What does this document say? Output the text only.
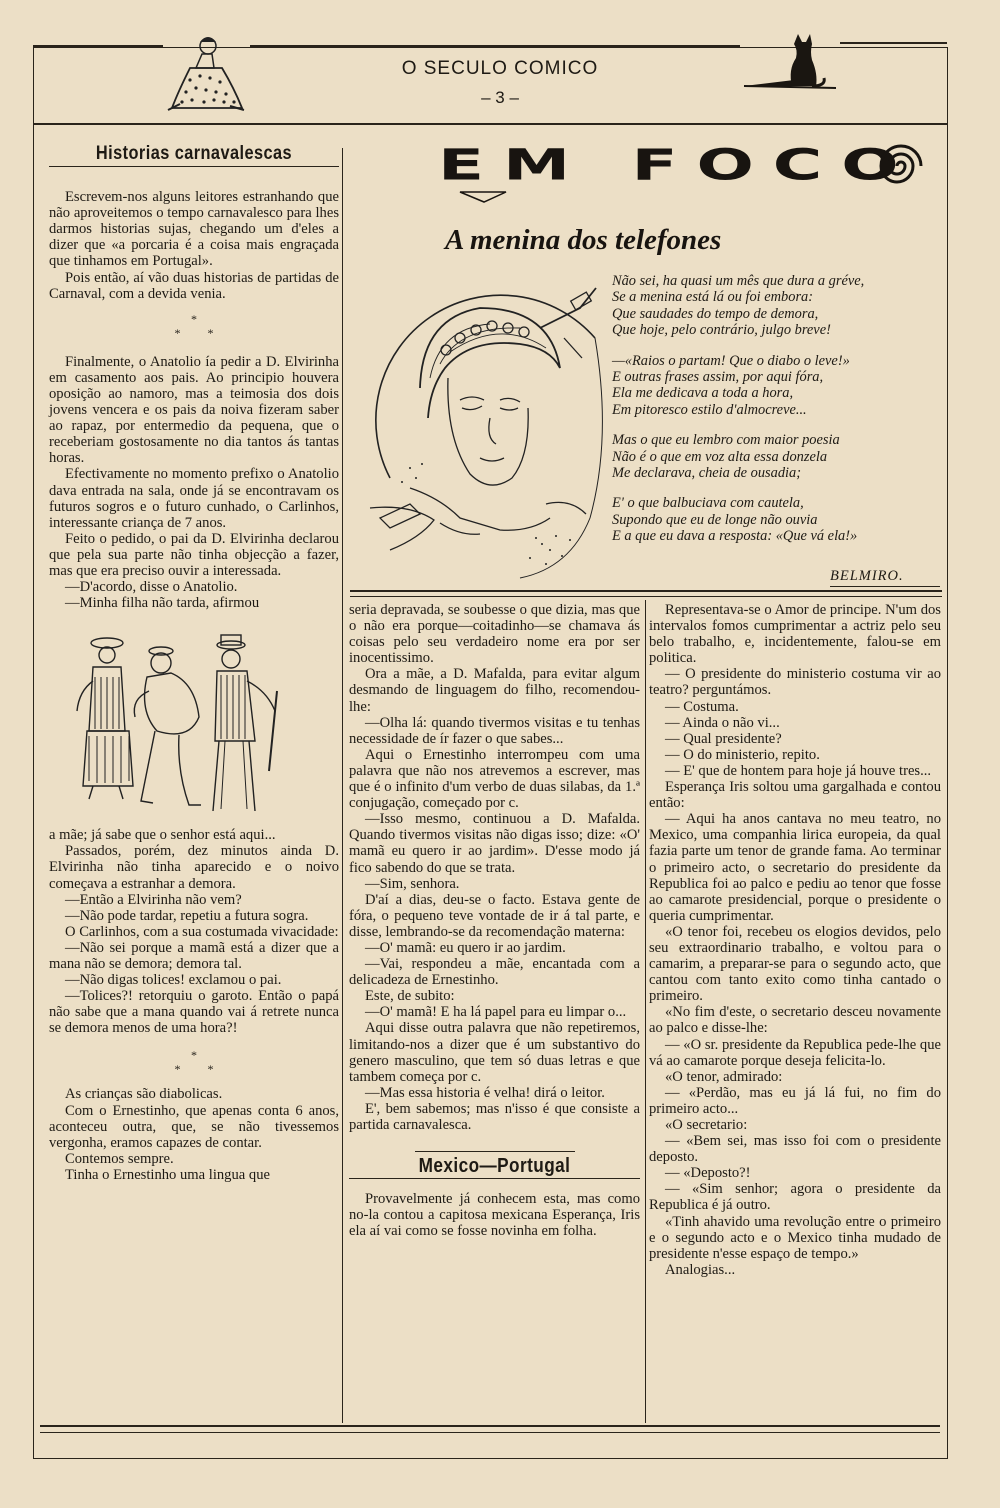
O SECULO COMICO
– 3 –
Historias carnavalescas

Escrevem-nos alguns leitores estranhando que não aproveitemos o tempo carnavalesco para lhes darmos historias sujas, chegando um d'eles a dizer que «a porcaria é a coisa mais engraçada que tinhamos em Portugal».

Pois então, aí vão duas historias de partidas de Carnaval, com a devida venia.

*
* *

Finalmente, o Anatolio ía pedir a D. Elvirinha em casamento aos pais. Ao principio houvera oposição ao namoro, mas a teimosia dos dois jovens vencera e os pais da noiva fizeram saber ao rapaz, por entermedio da pequena, que o receberiam gostosamente no dia tantos ás tantas horas.

Efectivamente no momento prefixo o Anatolio dava entrada na sala, onde já se encontravam os futuros sogros e o futuro cunhado, o Carlinhos, interessante criança de 7 anos.

Feito o pedido, o pai da D. Elvirinha declarou que pela sua parte não tinha objecção a fazer, mas que era preciso ouvir a interessada.

—D'acordo, disse o Anatolio.

—Minha filha não tarda, afirmou

a mãe; já sabe que o senhor está aqui...

Passados, porém, dez minutos ainda D. Elvirinha não tinha aparecido e o noivo começava a estranhar a demora.

—Então a Elvirinha não vem?

—Não pode tardar, repetiu a futura sogra.

O Carlinhos, com a sua costumada vivacidade:

—Não sei porque a mamã está a dizer que a mana não se demora; demora tal.

—Não digas tolices! exclamou o pai.

—Tolices?! retorquiu o garoto. Então o papá não sabe que a mana quando vai á retrete nunca se demora menos de uma hora?!

*
* *

As crianças são diabolicas.

Com o Ernestinho, que apenas conta 6 anos, aconteceu outra, que, se não tivessemos vergonha, eramos capazes de contar.

Contemos sempre.

Tinha o Ernestinho uma lingua que

EM FOCO
A menina dos telefones
Não sei, ha quasi um mês que dura a gréve,
Se a menina está lá ou foi embora:
Que saudades do tempo de demora,
Que hoje, pelo contrário, julgo breve!
—«Raios o partam! Que o diabo o leve!»
E outras frases assim, por aqui fóra,
Ela me dedicava a toda a hora,
Em pitoresco estilo d'almocreve...
Mas o que eu lembro com maior poesia
Não é o que em voz alta essa donzela
Me declarava, cheia de ousadia;
E' o que balbuciava com cautela,
Supondo que eu de longe não ouvia
E a que eu dava a resposta: «Que vá ela!»
BELMIRO.

seria depravada, se soubesse o que dizia, mas que o não era porque—coitadinho—se chamava ás coisas pelo seu verdadeiro nome era por ser inocentissimo.

Ora a mãe, a D. Mafalda, para evitar algum desmando de linguagem do filho, recomendou-lhe:

—Olha lá: quando tivermos visitas e tu tenhas necessidade de ír fazer o que sabes...

Aqui o Ernestinho interrompeu com uma palavra que não nos atrevemos a escrever, mas que é o infinito d'um verbo de duas silabas, da 1.ª conjugação, começado por c.

—Isso mesmo, continuou a D. Mafalda. Quando tivermos visitas não digas isso; dize: «O' mamã eu quero ir ao jardim». D'esse modo já fico sabendo do que se trata.

—Sim, senhora.

D'aí a dias, deu-se o facto. Estava gente de fóra, o pequeno teve vontade de ir á tal parte, e disse, lembrando-se da recomendação materna:

—O' mamã: eu quero ir ao jardim.

—Vai, respondeu a mãe, encantada com a delicadeza de Ernestinho.

Este, de subito:

—O' mamã! E ha lá papel para eu limpar o...

Aqui disse outra palavra que não repetiremos, limitando-nos a dizer que é um substantivo do genero masculino, que tem só duas letras e que tambem começa por c.

—Mas essa historia é velha! dirá o leitor.

E', bem sabemos; mas n'isso é que consiste a partida carnavalesca.

Mexico—Portugal

Provavelmente já conhecem esta, mas como no-la contou a capitosa mexicana Esperança, Iris ela aí vai como se fosse novinha em folha.

Representava-se o Amor de principe. N'um dos intervalos fomos cumprimentar a actriz pelo seu belo trabalho, e, incidentemente, falou-se em politica.

— O presidente do ministerio costuma vir ao teatro? perguntámos.

— Costuma.

— Ainda o não vi...

— Qual presidente?

— O do ministerio, repito.

— E' que de hontem para hoje já houve tres...

Esperança Iris soltou uma gargalhada e contou então:

— Aqui ha anos cantava no meu teatro, no Mexico, uma companhia lirica europeia, da qual fazia parte um tenor de grande fama. Ao terminar o primeiro acto, o secretario do presidente da Republica foi ao palco e pediu ao tenor que fosse ao camarote presidencial, porque o presidente o queria cumprimentar.

«O tenor foi, recebeu os elogios devidos, pelo seu extraordinario trabalho, e voltou para o camarim, a preparar-se para o segundo acto, que cantou com tanto exito como tinha cantado o primeiro.

«No fim d'este, o secretario desceu novamente ao palco e disse-lhe:

— «O sr. presidente da Republica pede-lhe que vá ao camarote porque deseja felicita-lo.

«O tenor, admirado:

— «Perdão, mas eu já lá fui, no fim do primeiro acto...

«O secretario:

— «Bem sei, mas isso foi com o presidente deposto.

— «Deposto?!

— «Sim senhor; agora o presidente da Republica é já outro.

«Tinh ahavido uma revolução entre o primeiro e o segundo acto e o Mexico tinha mudado de presidente n'esse espaço de tempo.»

Analogias...
